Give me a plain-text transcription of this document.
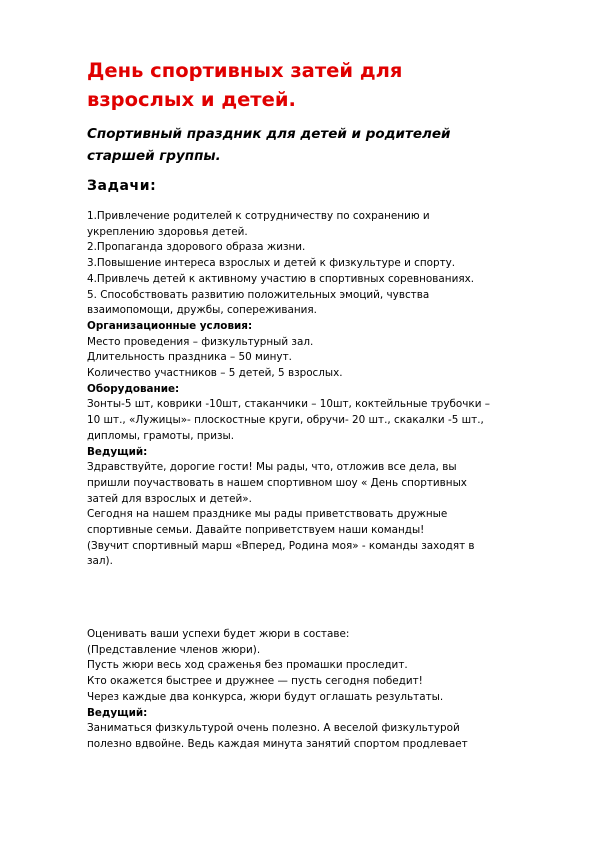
День спортивных затей для
взрослых и детей.
Спортивный праздник для детей и родителей
старшей группы.
Задачи:

1.Привлечение родителей к сотрудничеству по сохранению и

укреплению здоровья детей.

2.Пропаганда здорового образа жизни.

3.Повышение интереса взрослых и детей к физкультуре и спорту.

4.Привлечь детей к активному участию в спортивных соревнованиях.

5. Способствовать развитию положительных эмоций, чувства

взаимопомощи, дружбы, сопереживания.

Организационные условия:

Место проведения – физкультурный зал.

Длительность праздника – 50 минут.

Количество участников – 5 детей, 5 взрослых.

Оборудование:

Зонты-5 шт, коврики -10шт, стаканчики – 10шт, коктейльные трубочки –

10 шт., «Лужицы»- плоскостные круги, обручи- 20 шт., скакалки -5 шт.,

дипломы, грамоты, призы.

Ведущий:

Здравствуйте, дорогие гости! Мы рады, что, отложив все дела, вы

пришли поучаствовать в нашем спортивном шоу « День спортивных

затей для взрослых и детей».

Сегодня на нашем празднике мы рады приветствовать дружные

спортивные семьи. Давайте поприветствуем наши команды!

(Звучит спортивный марш «Вперед, Родина моя» - команды заходят в

зал).

Оценивать ваши успехи будет жюри в составе:

(Представление членов жюри).

Пусть жюри весь ход сраженья без промашки проследит.

Кто окажется быстрее и дружнее — пусть сегодня победит!

Через каждые два конкурса, жюри будут оглашать результаты.

Ведущий:

Заниматься физкультурой очень полезно. А веселой физкультурой

полезно вдвойне. Ведь каждая минута занятий спортом продлевает
